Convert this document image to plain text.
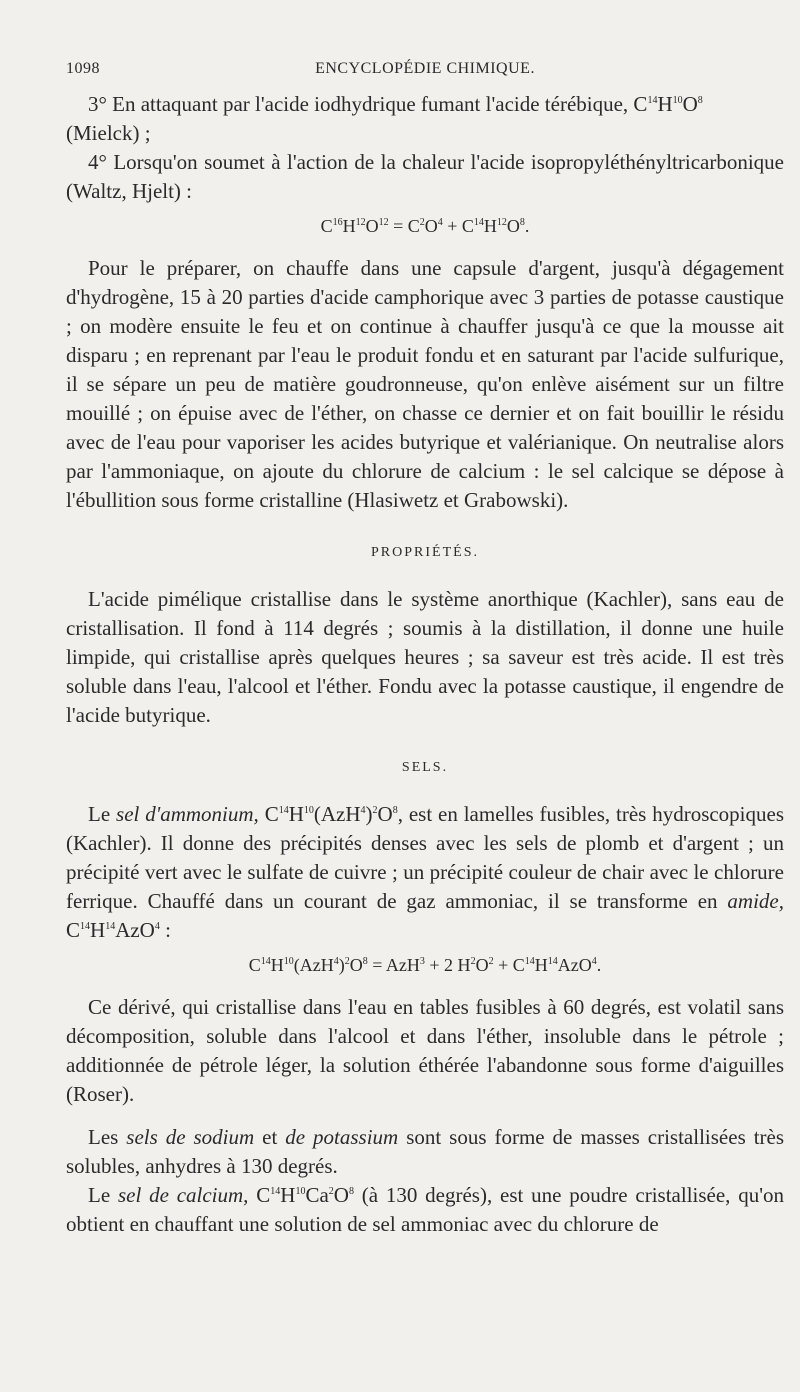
1098	ENCYCLOPÉDIE CHIMIQUE.

3° En attaquant par l'acide iodhydrique fumant l'acide térébique, $C^{14}H^{10}O^8$

(Mielck) ;

4° Lorsqu'on soumet à l'action de la chaleur l'acide isopropyléthényltricarbonique (Waltz, Hjelt) :

$C^{16}H^{12}O^{12} = C^2O^4 + C^{14}H^{12}O^8$.

Pour le préparer, on chauffe dans une capsule d'argent, jusqu'à dégagement d'hydrogène, 15 à 20 parties d'acide camphorique avec 3 parties de potasse caustique ; on modère ensuite le feu et on continue à chauffer jusqu'à ce que la mousse ait disparu ; en reprenant par l'eau le produit fondu et en saturant par l'acide sulfurique, il se sépare un peu de matière goudronneuse, qu'on enlève aisément sur un filtre mouillé ; on épuise avec de l'éther, on chasse ce dernier et on fait bouillir le résidu avec de l'eau pour vaporiser les acides butyrique et valérianique. On neutralise alors par l'ammoniaque, on ajoute du chlorure de calcium : le sel calcique se dépose à l'ébullition sous forme cristalline (Hlasiwetz et Grabowski).

PROPRIÉTÉS.

L'acide pimélique cristallise dans le système anorthique (Kachler), sans eau de cristallisation. Il fond à 114 degrés ; soumis à la distillation, il donne une huile limpide, qui cristallise après quelques heures ; sa saveur est très acide. Il est très soluble dans l'eau, l'alcool et l'éther. Fondu avec la potasse caustique, il engendre de l'acide butyrique.

SELS.

Le sel d'ammonium, $C^{14}H^{10}(AzH^4)^2O^8$, est en lamelles fusibles, très hydroscopiques (Kachler). Il donne des précipités denses avec les sels de plomb et d'argent ; un précipité vert avec le sulfate de cuivre ; un précipité couleur de chair avec le chlorure ferrique. Chauffé dans un courant de gaz ammoniac, il se transforme en amide, $C^{14}H^{14}AzO^4$ :

$C^{14}H^{10}(AzH^4)^2O^8 = AzH^3 + 2$ $H^2O^2 + C^{14}H^{14}AzO^4$.

Ce dérivé, qui cristallise dans l'eau en tables fusibles à 60 degrés, est volatil sans décomposition, soluble dans l'alcool et dans l'éther, insoluble dans le pétrole ; additionnée de pétrole léger, la solution éthérée l'abandonne sous forme d'aiguilles (Roser).

Les sels de sodium et de potassium sont sous forme de masses cristallisées très solubles, anhydres à 130 degrés.

Le sel de calcium, $C^{14}H^{10}Ca^2O^8$ (à 130 degrés), est une poudre cristallisée, qu'on obtient en chauffant une solution de sel ammoniac avec du chlorure de
